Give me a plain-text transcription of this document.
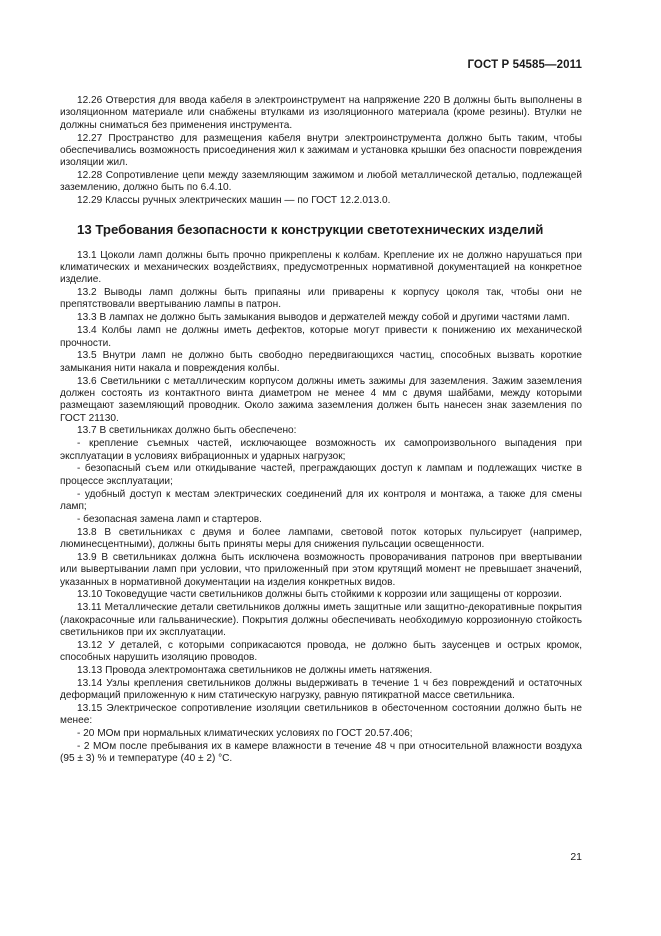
ГОСТ Р 54585—2011

12.26 Отверстия для ввода кабеля в электроинструмент на напряжение 220 В должны быть выполнены в изоляционном материале или снабжены втулками из изоляционного материала (кроме резины). Втулки не должны сниматься без применения инструмента.

12.27 Пространство для размещения кабеля внутри электроинструмента должно быть таким, чтобы обеспечивались возможность присоединения жил к зажимам и установка крышки без опасности повреждения изоляции жил.

12.28 Сопротивление цепи между заземляющим зажимом и любой металлической деталью, подлежащей заземлению, должно быть по 6.4.10.

12.29 Классы ручных электрических машин — по ГОСТ 12.2.013.0.

13 Требования безопасности к конструкции светотехнических изделий

13.1 Цоколи ламп должны быть прочно прикреплены к колбам. Крепление их не должно нарушаться при климатических и механических воздействиях, предусмотренных нормативной документацией на конкретное изделие.

13.2 Выводы ламп должны быть припаяны или приварены к корпусу цоколя так, чтобы они не препятствовали ввертыванию лампы в патрон.

13.3 В лампах не должно быть замыкания выводов и держателей между собой и другими частями ламп.

13.4 Колбы ламп не должны иметь дефектов, которые могут привести к понижению их механической прочности.

13.5 Внутри ламп не должно быть свободно передвигающихся частиц, способных вызвать короткие замыкания нити накала и повреждения колбы.

13.6 Светильники с металлическим корпусом должны иметь зажимы для заземления. Зажим заземления должен состоять из контактного винта диаметром не менее 4 мм с двумя шайбами, между которыми размещают заземляющий проводник. Около зажима заземления должен быть нанесен знак заземления по ГОСТ 21130.

13.7 В светильниках должно быть обеспечено:

- крепление съемных частей, исключающее возможность их самопроизвольного выпадения при эксплуатации в условиях вибрационных и ударных нагрузок;

- безопасный съем или откидывание частей, преграждающих доступ к лампам и подлежащих чистке в процессе эксплуатации;

- удобный доступ к местам электрических соединений для их контроля и монтажа, а также для смены ламп;

- безопасная замена ламп и стартеров.

13.8 В светильниках с двумя и более лампами, световой поток которых пульсирует (например, люминесцентными), должны быть приняты меры для снижения пульсации освещенности.

13.9 В светильниках должна быть исключена возможность проворачивания патронов при ввертывании или вывертывании ламп при условии, что приложенный при этом крутящий момент не превышает значений, указанных в нормативной документации на изделия конкретных видов.

13.10 Токоведущие части светильников должны быть стойкими к коррозии или защищены от коррозии.

13.11 Металлические детали светильников должны иметь защитные или защитно-декоративные покрытия (лакокрасочные или гальванические). Покрытия должны обеспечивать необходимую коррозионную стойкость светильников при их эксплуатации.

13.12 У деталей, с которыми соприкасаются провода, не должно быть заусенцев и острых кромок, способных нарушить изоляцию проводов.

13.13 Провода электромонтажа светильников не должны иметь натяжения.

13.14 Узлы крепления светильников должны выдерживать в течение 1 ч без повреждений и остаточных деформаций приложенную к ним статическую нагрузку, равную пятикратной массе светильника.

13.15 Электрическое сопротивление изоляции светильников в обесточенном состоянии должно быть не менее:

- 20 МОм при нормальных климатических условиях по ГОСТ 20.57.406;

- 2 МОм после пребывания их в камере влажности в течение 48 ч при относительной влажности воздуха (95 ± 3) % и температуре (40 ± 2) °С.

21
